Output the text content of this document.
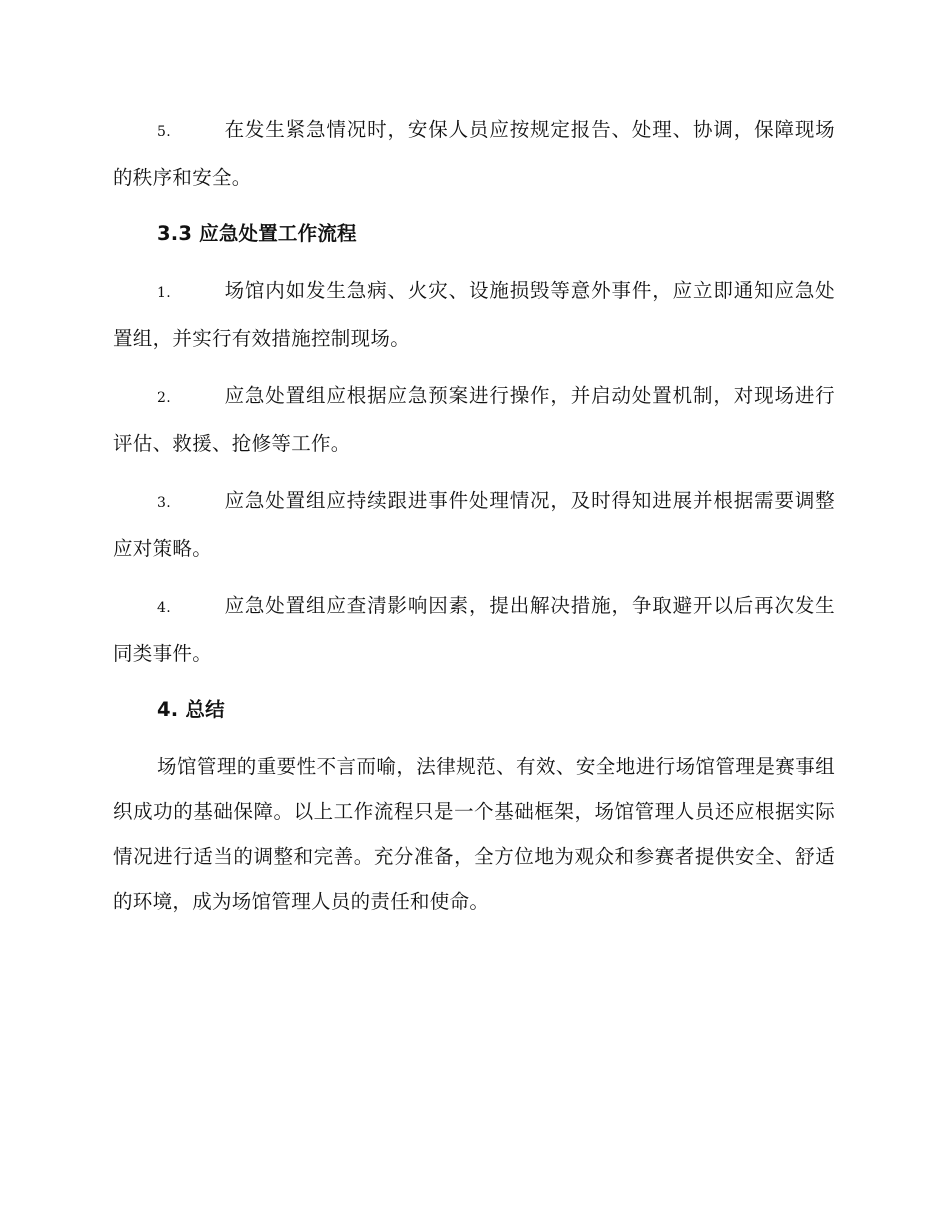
5.	在发生紧急情况时，安保人员应按规定报告、处理、协调，保障现场的秩序和安全。

3.3 应急处置工作流程

1.	场馆内如发生急病、火灾、设施损毁等意外事件，应立即通知应急处置组，并实行有效措施控制现场。

2.	应急处置组应根据应急预案进行操作，并启动处置机制，对现场进行评估、救援、抢修等工作。

3.	应急处置组应持续跟进事件处理情况，及时得知进展并根据需要调整应对策略。

4.	应急处置组应查清影响因素，提出解决措施，争取避开以后再次发生同类事件。

4. 总结

场馆管理的重要性不言而喻，法律规范、有效、安全地进行场馆管理是赛事组织成功的基础保障。以上工作流程只是一个基础框架，场馆管理人员还应根据实际情况进行适当的调整和完善。充分准备，全方位地为观众和参赛者提供安全、舒适的环境，成为场馆管理人员的责任和使命。
